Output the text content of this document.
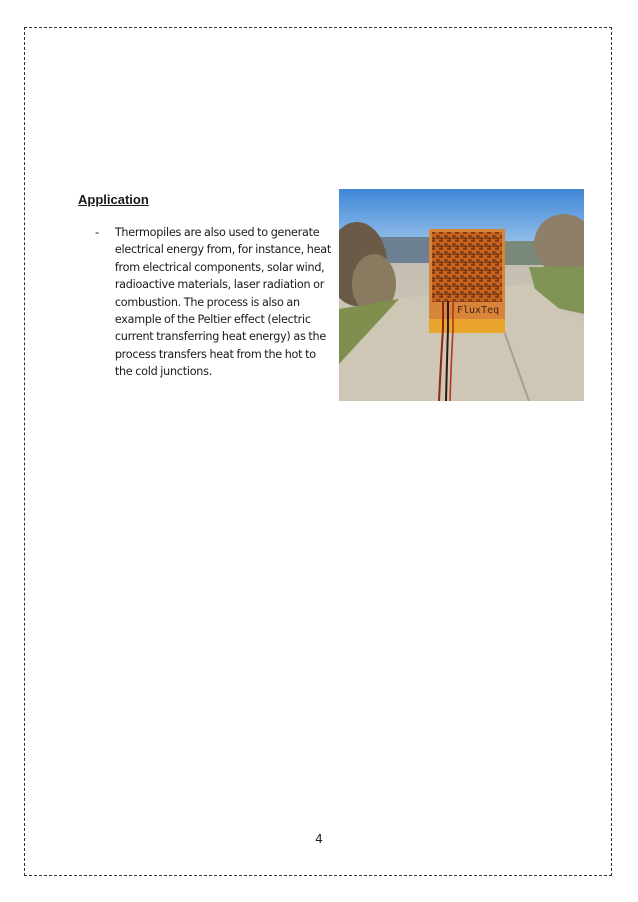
Application
-	Thermopiles are also used to generate electrical energy from, for instance, heat from electrical components, solar wind, radioactive materials, laser radiation or combustion. The process is also an example of the Peltier effect (electric current transferring heat energy) as the process transfers heat from the hot to the cold junctions.
FluxTeq
4
